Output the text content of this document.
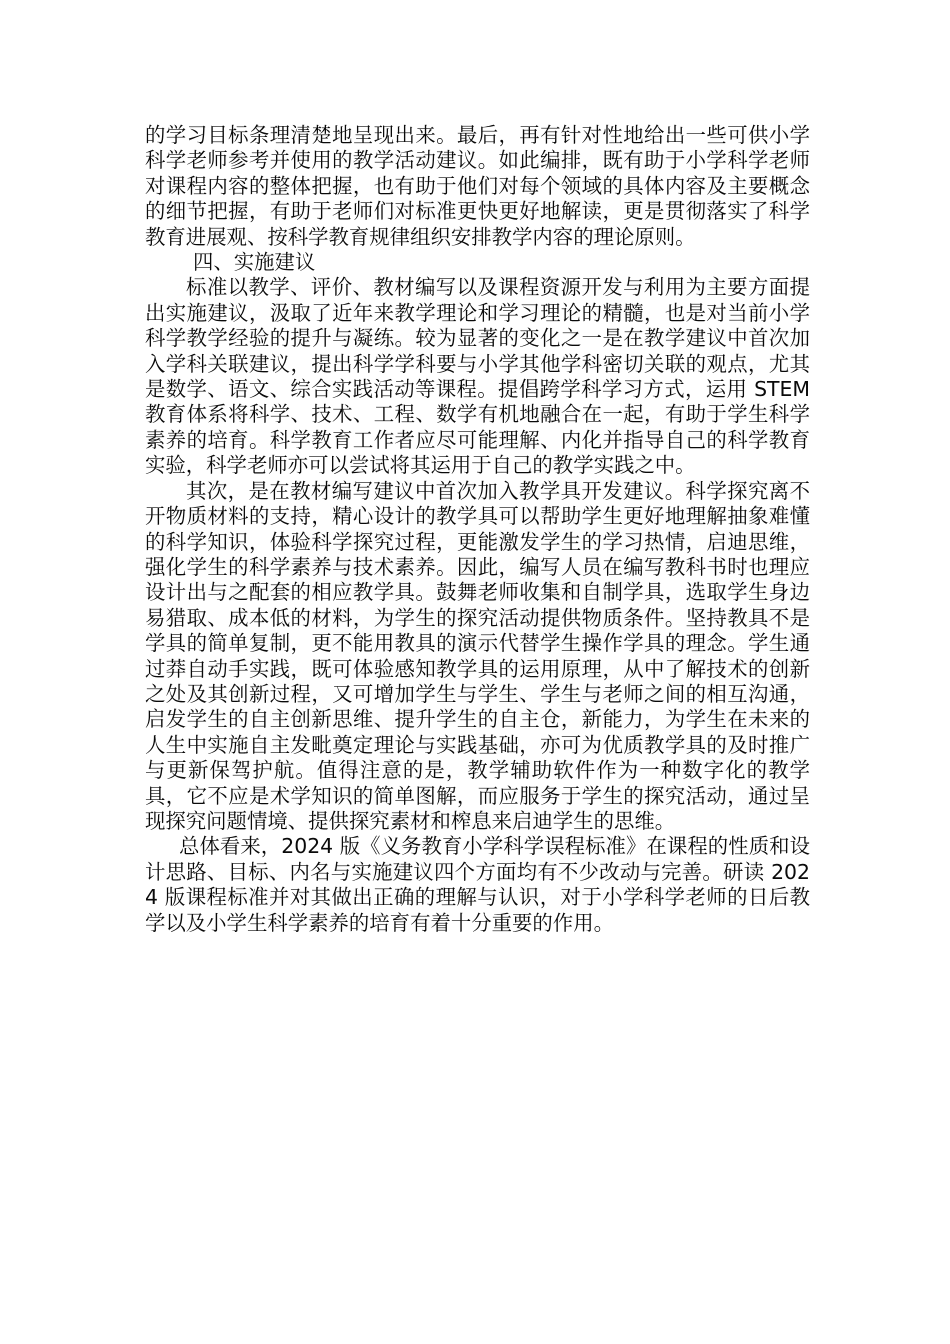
的学习目标条理清楚地呈现出来。最后，再有针对性地给出一些可供小学科学老师参考并使用的教学活动建议。如此编排，既有助于小学科学老师对课程内容的整体把握，也有助于他们对每个领域的具体内容及主要概念的细节把握，有助于老师们对标准更快更好地解读，更是贯彻落实了科学教育进展观、按科学教育规律组织安排教学内容的理论原则。

四、实施建议

标准以教学、评价、教材编写以及课程资源开发与利用为主要方面提出实施建议，汲取了近年来教学理论和学习理论的精髓，也是对当前小学科学教学经验的提升与凝练。较为显著的变化之一是在教学建议中首次加入学科关联建议，提出科学学科要与小学其他学科密切关联的观点，尤其是数学、语文、综合实践活动等课程。提倡跨学科学习方式，运用 STEM 教育体系将科学、技术、工程、数学有机地融合在一起，有助于学生科学素养的培育。科学教育工作者应尽可能理解、内化并指导自己的科学教育实验，科学老师亦可以尝试将其运用于自己的教学实践之中。

其次，是在教材编写建议中首次加入教学具开发建议。科学探究离不开物质材料的支持，精心设计的教学具可以帮助学生更好地理解抽象难懂的科学知识，体验科学探究过程，更能激发学生的学习热情，启迪思维，强化学生的科学素养与技术素养。因此，编写人员在编写教科书时也理应设计出与之配套的相应教学具。鼓舞老师收集和自制学具，选取学生身边易猎取、成本低的材料，为学生的探究活动提供物质条件。坚持教具不是学具的简单复制，更不能用教具的演示代替学生操作学具的理念。学生通过莽自动手实践，既可体验感知教学具的运用原理，从中了解技术的创新之处及其创新过程，又可增加学生与学生、学生与老师之间的相互沟通，启发学生的自主创新思维、提升学生的自主仓，新能力，为学生在未来的人生中实施自主发毗奠定理论与实践基础，亦可为优质教学具的及时推广与更新保驾护航。值得注意的是，教学辅助软件作为一种数字化的教学具，它不应是术学知识的简单图解，而应服务于学生的探究活动，通过呈现探究问题情境、提供探究素材和榨息来启迪学生的思维。

总体看来，2024 版《义务教育小学科学误程标准》在课程的性质和设计思路、目标、内名与实施建议四个方面均有不少改动与完善。研读 2024 版课程标准并对其做出正确的理解与认识，对于小学科学老师的日后教学以及小学生科学素养的培育有着十分重要的作用。
